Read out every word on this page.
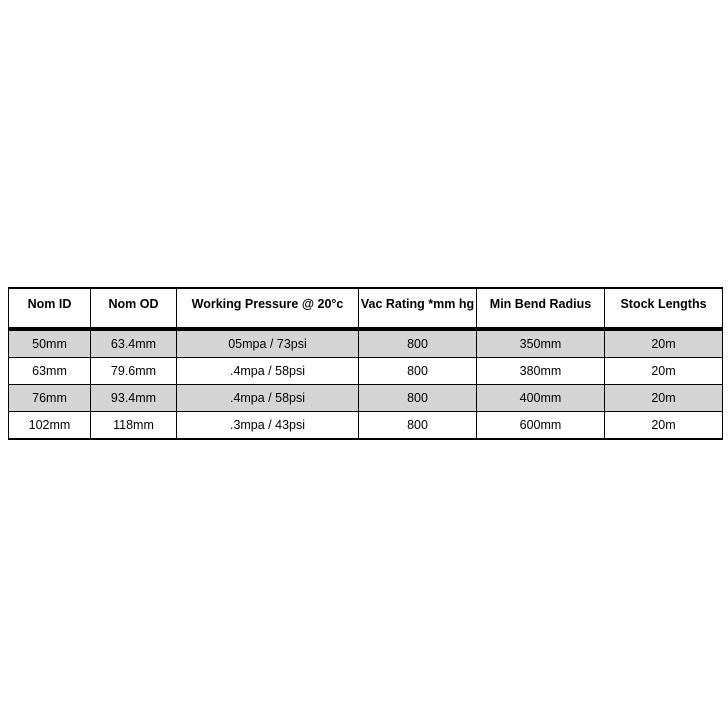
Nom ID	Nom OD	Working Pressure @ 20°c	Vac Rating *mm hg	Min Bend Radius	Stock Lengths
50mm	63.4mm	05mpa / 73psi	800	350mm	20m
63mm	79.6mm	.4mpa / 58psi	800	380mm	20m
76mm	93.4mm	.4mpa / 58psi	800	400mm	20m
102mm	118mm	.3mpa / 43psi	800	600mm	20m
